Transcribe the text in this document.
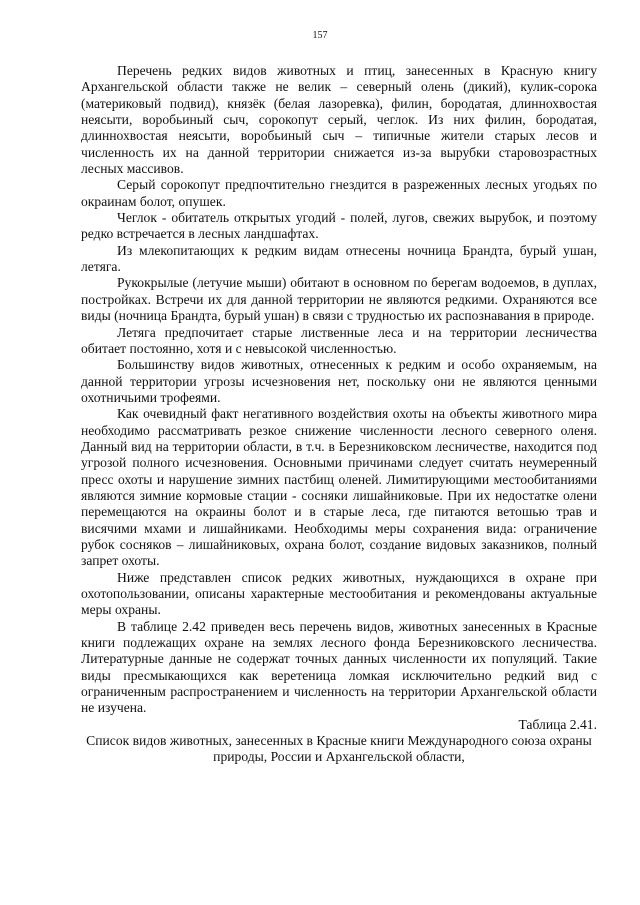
157

Перечень редких видов животных и птиц, занесенных в Красную книгу Архангельской области также не велик – северный олень (дикий), кулик-сорока (материковый подвид), князёк (белая лазоревка), филин, бородатая, длиннохвостая неясыти, воробьиный сыч, сорокопут серый, чеглок. Из них филин, бородатая, длиннохвостая неясыти, воробьиный сыч – типичные жители старых лесов и численность их на данной территории снижается из-за вырубки старовозрастных лесных массивов.

Серый сорокопут предпочтительно гнездится в разреженных лесных угодьях по окраинам болот, опушек.

Чеглок - обитатель открытых угодий - полей, лугов, свежих вырубок, и поэтому редко встречается в лесных ландшафтах.

Из млекопитающих к редким видам отнесены ночница Брандта, бурый ушан, летяга.

Рукокрылые (летучие мыши) обитают в основном по берегам водоемов, в дуплах, постройках. Встречи их для данной территории не являются редкими. Охраняются все виды (ночница Брандта, бурый ушан) в связи с трудностью их распознавания в природе.

Летяга предпочитает старые лиственные леса и на территории лесничества обитает постоянно, хотя и с невысокой численностью.

Большинству видов животных, отнесенных к редким и особо охраняемым, на данной территории угрозы исчезновения нет, поскольку они не являются ценными охотничьими трофеями.

Как очевидный факт негативного воздействия охоты на объекты животного мира необходимо рассматривать резкое снижение численности лесного северного оленя. Данный вид на территории области, в т.ч. в Березниковском лесничестве, находится под угрозой полного исчезновения. Основными причинами следует считать неумеренный пресс охоты и нарушение зимних пастбищ оленей. Лимитирующими местообитаниями являются зимние кормовые стации - сосняки лишайниковые. При их недостатке олени перемещаются на окраины болот и в старые леса, где питаются ветошью трав и висячими мхами и лишайниками. Необходимы меры сохранения вида: ограничение рубок сосняков – лишайниковых, охрана болот, создание видовых заказников, полный запрет охоты.

Ниже представлен список редких животных, нуждающихся в охране при охотопользовании, описаны характерные местообитания и рекомендованы актуальные меры охраны.

В таблице 2.42 приведен весь перечень видов, животных занесенных в Красные книги подлежащих охране на землях лесного фонда Березниковского лесничества. Литературные данные не содержат точных данных численности их популяций. Такие виды пресмыкающихся как веретеница ломкая исключительно редкий вид с ограниченным распространением и численность на территории Архангельской области не изучена.

Таблица 2.41.

Список видов животных, занесенных в Красные книги Международного союза охраны природы, России и Архангельской области,
